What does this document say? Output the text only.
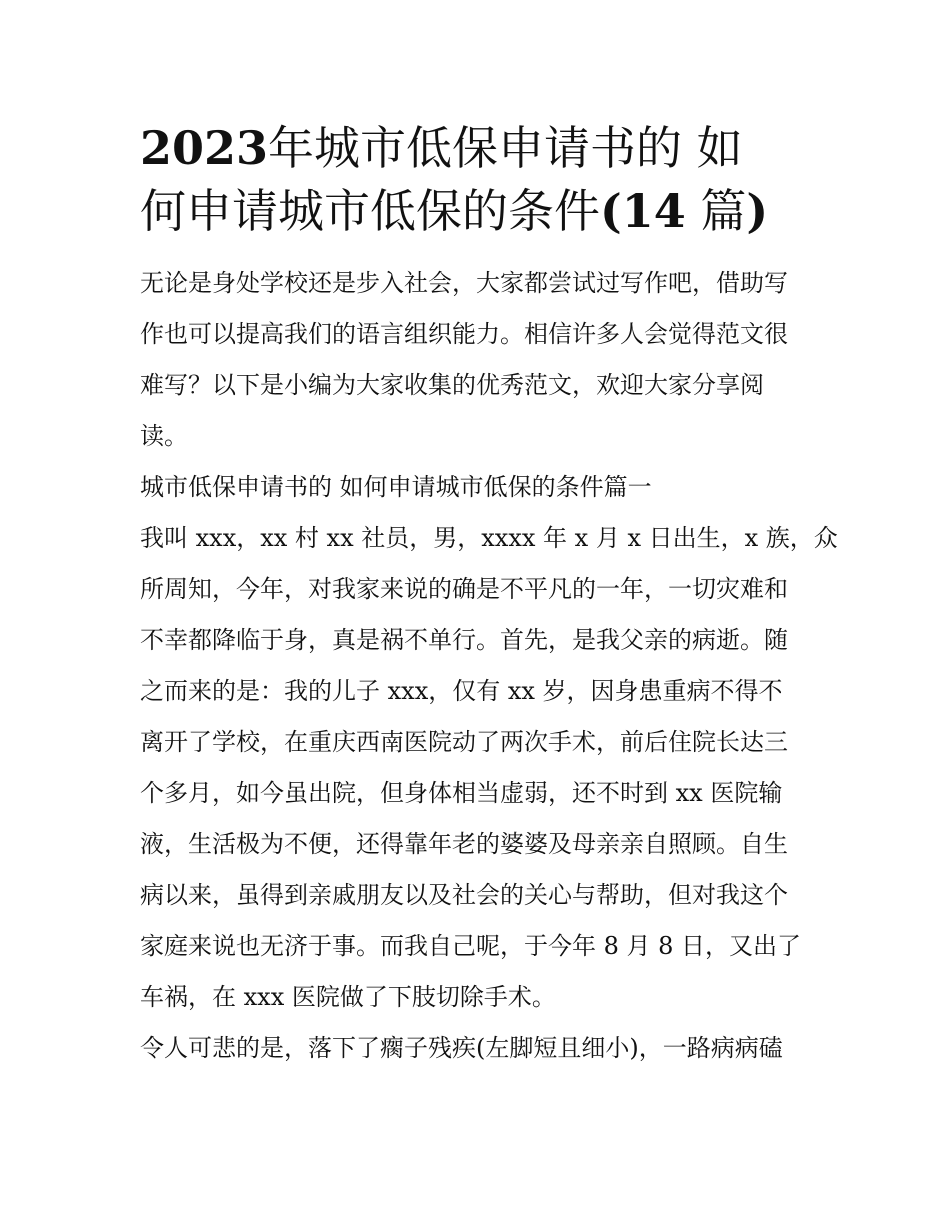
2023年城市低保申请书的 如
何申请城市低保的条件(14 篇)
无论是身处学校还是步入社会，大家都尝试过写作吧，借助写
作也可以提高我们的语言组织能力。相信许多人会觉得范文很
难写？以下是小编为大家收集的优秀范文，欢迎大家分享阅
读。
城市低保申请书的 如何申请城市低保的条件篇一
我叫 xxx，xx 村 xx 社员，男，xxxx 年 x 月 x 日出生，x 族，众
所周知，今年，对我家来说的确是不平凡的一年，一切灾难和
不幸都降临于身，真是祸不单行。首先，是我父亲的病逝。随
之而来的是：我的儿子 xxx，仅有 xx 岁，因身患重病不得不
离开了学校，在重庆西南医院动了两次手术，前后住院长达三
个多月，如今虽出院，但身体相当虚弱，还不时到 xx 医院输
液，生活极为不便，还得靠年老的婆婆及母亲亲自照顾。自生
病以来，虽得到亲戚朋友以及社会的关心与帮助，但对我这个
家庭来说也无济于事。而我自己呢，于今年 8 月 8 日，又出了
车祸，在 xxx 医院做了下肢切除手术。
令人可悲的是，落下了瘸子残疾(左脚短且细小)，一路病病磕
